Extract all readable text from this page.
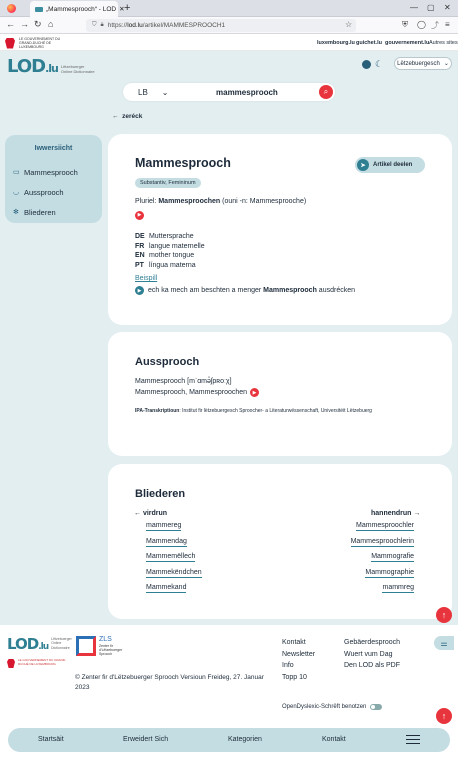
„Mammesprooch“ - LOD ✕ +	— ▢ ✕
← → ↻ ⌂	⛉ 🔒︎ https://lod.lu/artikel/MAMMESPROOCH1	☆	⛨ ◯ ⤴ ≡
LE GOUVERNEMENT DU GRAND-DUCHÉ DE LUXEMBOURG
luxembourg.lu guichet.lu gouvernement.lu Autres sites
LOD.lu Lëtzebuerger Online Dictionnaire
☾ Lëtzebuergesch ⌄
LB ⌄	mammesprooch	⌕
← zeréck
Iwwersiicht
▭ Mammesprooch
◡ Aussprooch
✻ Bliederen
Mammesprooch	➤	Artikel deelen
Substantiv, Femininum
Pluriel: Mammesproochen (ouni -n: Mammesprooche)
▶
DE Muttersprache
FR langue maternelle
EN mother tongue
PT língua materna
Beispill
▶ ech ka mech am beschten a menger Mammesprooch ausdrécken
Aussprooch
Mammesprooch [mˈɑmə̆ʃpʀoːχ]
Mammesprooch, Mammesproochen	▶
IPA-Transkriptioun: Institut fir lëtzebuergesch Sproocher- a Literaturwëssenschaft, Universitéit Lëtzebuerg
Bliederen
← virdrun	hannendrun →
mammereg
Mammendag
Mammemëllech
Mammekëndchen
Mammekand
Mammesproochler
Mammesproochlerin
Mammografie
Mammographie
mammreg
↑
LOD.lu
Lëtzebuerger Online Dictionnaire
LE GOUVERNEMENT DU GRAND-DUCHÉ DE LUXEMBOURG
ZLS
Zenter fir d'Lëtzebuerger Sprooch
© Zenter fir d'Lëtzebuerger Sprooch Versioun Freideg, 27. Januar 2023
Kontakt
Newsletter
Info
Topp 10
Gebäerdesprooch
Wuert vum Dag
Den LOD als PDF
⚌
OpenDyslexic-Schrëft benotzen
↑
Startsäit	Erweidert Sich	Kategorien	Kontakt
